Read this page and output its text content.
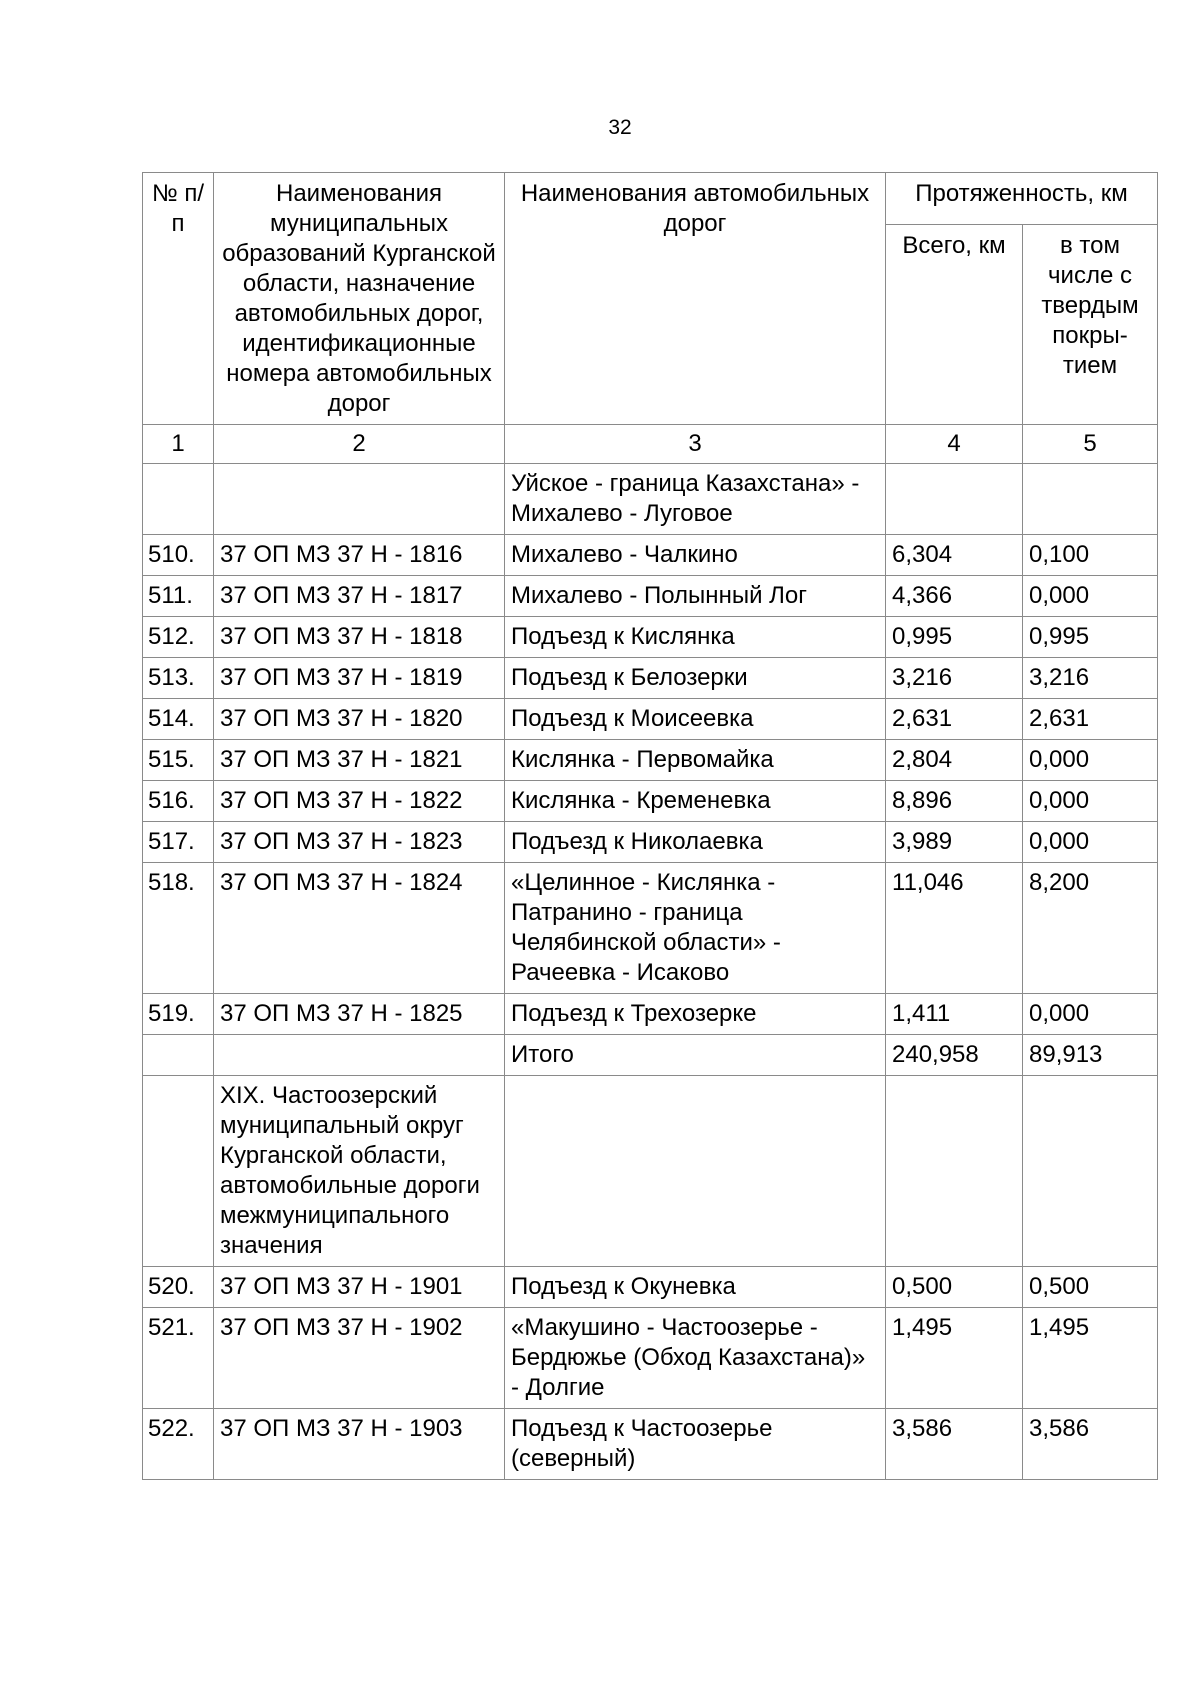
32
№ п/п	Наименования муниципальных образований Курганской области, назначение автомобильных дорог, идентификационные номера автомобильных дорог	Наименования автомобильных дорог	Протяженность, км	
			Всего, км	в том числе с твердым покры-тием
1	2	3	4	5
		Уйское - граница Казахстана» - Михалево - Луговое		
510.	37 ОП МЗ 37 Н - 1816	Михалево - Чалкино	6,304	0,100
511.	37 ОП МЗ 37 Н - 1817	Михалево - Полынный Лог	4,366	0,000
512.	37 ОП МЗ 37 Н - 1818	Подъезд к Кислянка	0,995	0,995
513.	37 ОП МЗ 37 Н - 1819	Подъезд к Белозерки	3,216	3,216
514.	37 ОП МЗ 37 Н - 1820	Подъезд к Моисеевка	2,631	2,631
515.	37 ОП МЗ 37 Н - 1821	Кислянка - Первомайка	2,804	0,000
516.	37 ОП МЗ 37 Н - 1822	Кислянка - Кременевка	8,896	0,000
517.	37 ОП МЗ 37 Н - 1823	Подъезд к Николаевка	3,989	0,000
518.	37 ОП МЗ 37 Н - 1824	«Целинное - Кислянка - Патранино - граница Челябинской области» - Рачеевка - Исаково	11,046	8,200
519.	37 ОП МЗ 37 Н - 1825	Подъезд к Трехозерке	1,411	0,000
		Итого	240,958	89,913
	XIX. Частоозерский муниципальный округ Курганской области, автомобильные дороги межмуниципального значения			
520.	37 ОП МЗ 37 Н - 1901	Подъезд к Окуневка	0,500	0,500
521.	37 ОП МЗ 37 Н - 1902	«Макушино - Частоозерье - Бердюжье (Обход Казахстана)» - Долгие	1,495	1,495
522.	37 ОП МЗ 37 Н - 1903	Подъезд к Частоозерье (северный)	3,586	3,586
